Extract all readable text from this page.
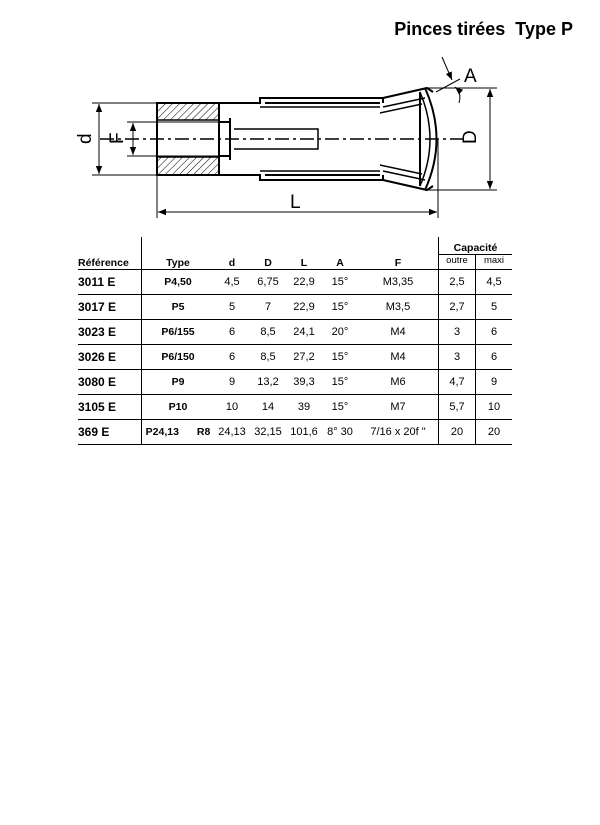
Pinces tirées  Type P
d F	D
L
A
Référence	Type	d	D	L	A	F	Capacité	
							outre	maxi
3011 E	P4,50	4,5	6,75	22,9	15°	M3,35	2,5	4,5
3017 E	P5	5	7	22,9	15°	M3,5	2,7	5
3023 E	P6/155	6	8,5	24,1	20°	M4	3	6
3026 E	P6/150	6	8,5	27,2	15°	M4	3	6
3080 E	P9	9	13,2	39,3	15°	M6	4,7	9
3105 E	P10	10	14	39	15°	M7	5,7	10
369 E	P24,13 R8	24,13	32,15	101,6	8° 30	7/16 x 20f "	20	20
